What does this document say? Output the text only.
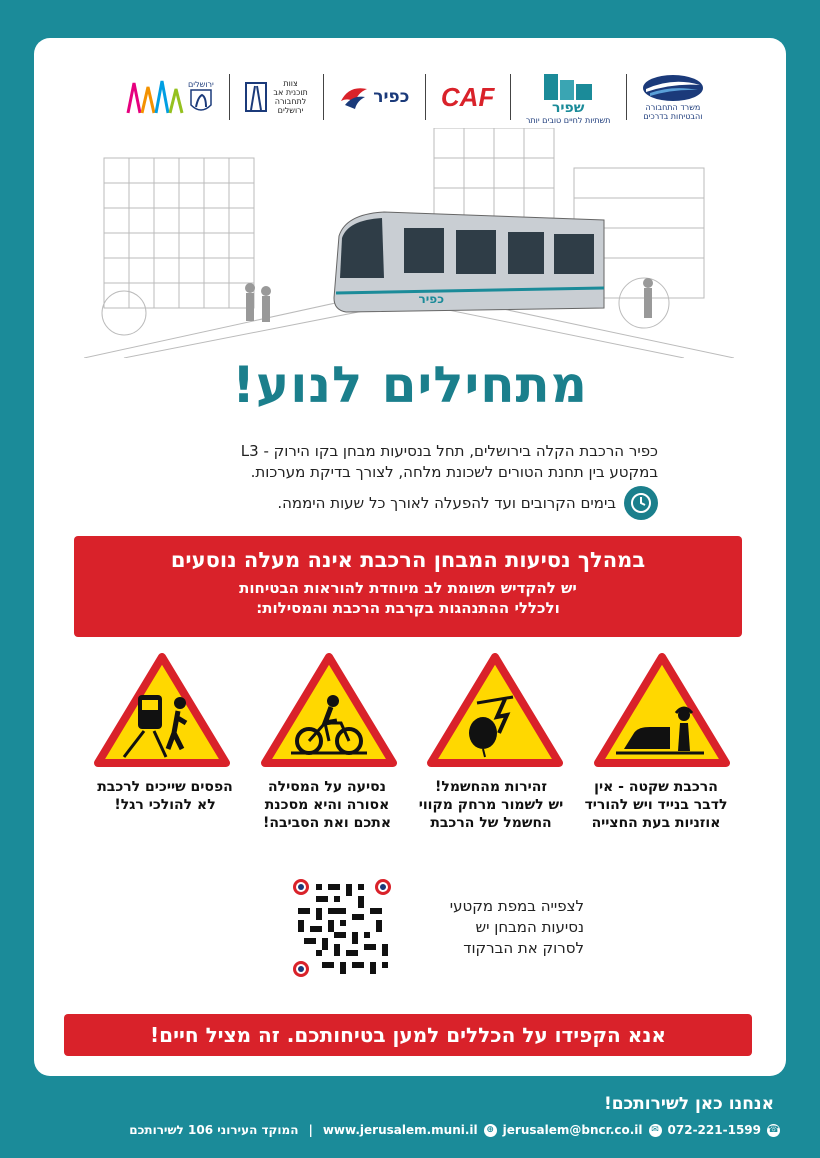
משרד התחבורה
והבטיחות בדרכים
שפיר
תשתיות לחיים טובים יותר
CAF
כפיר
צוות
תוכנית אב
לתחבורה
ירושלים
ירושלים
כפיר
מתחילים לנוע!
כפיר הרכבת הקלה בירושלים, תחל בנסיעות מבחן בקו הירוק - L3
במקטע בין תחנת הטורים לשכונת מלחה, לצורך בדיקת מערכות.
בימים הקרובים ועד להפעלה לאורך כל שעות היממה.
במהלך נסיעות המבחן הרכבת אינה מעלה נוסעים
יש להקדיש תשומת לב מיוחדת להוראות הבטיחות
ולכללי ההתנהגות בקרבת הרכבת והמסילות:
הרכבת שקטה - אין
לדבר בנייד ויש להוריד
אוזניות בעת החצייה
זהירות מהחשמל!
יש לשמור מרחק מקווי
החשמל של הרכבת
נסיעה על המסילה
אסורה והיא מסכנת
אתכם ואת הסביבה!
הפסים שייכים לרכבת
לא להולכי רגל!
לצפייה במפת מקטעי
נסיעות המבחן יש
לסרוק את הברקוד
אנא הקפידו על הכללים למען בטיחותכם. זה מציל חיים!
אנחנו כאן לשירותכם!
☎
072-221-1599
✉
jerusalem@bncr.co.il
⊕
www.jerusalem.muni.il
|
המוקד העירוני 106 לשירותכם
